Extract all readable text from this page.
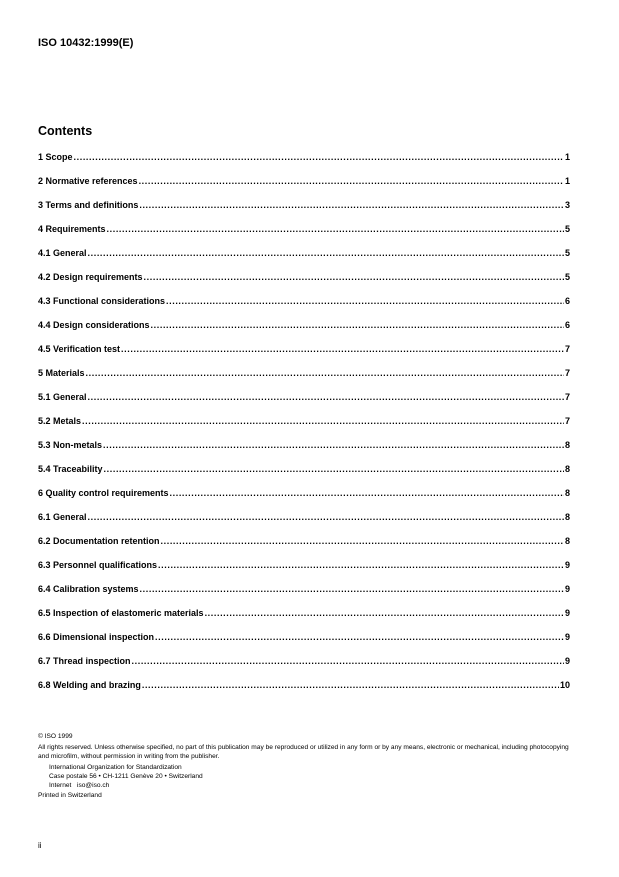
ISO 10432:1999(E)
Contents
1 Scope .....	1
2 Normative references .....	1
3 Terms and definitions .....	3
4 Requirements .....	5
4.1 General .....	5
4.2 Design requirements .....	5
4.3 Functional considerations .....	6
4.4 Design considerations .....	6
4.5 Verification test .....	7
5 Materials .....	7
5.1 General .....	7
5.2 Metals .....	7
5.3 Non-metals .....	8
5.4 Traceability .....	8
6 Quality control requirements .....	8
6.1 General .....	8
6.2 Documentation retention .....	8
6.3 Personnel qualifications .....	9
6.4 Calibration systems .....	9
6.5 Inspection of elastomeric materials .....	9
6.6 Dimensional inspection .....	9
6.7 Thread inspection .....	9
6.8 Welding and brazing .....	10

© ISO 1999

All rights reserved. Unless otherwise specified, no part of this publication may be reproduced or utilized in any form or by any means, electronic or mechanical, including photocopying and microfilm, without permission in writing from the publisher.

International Organization for Standardization

Case postale 56 • CH-1211 Genève 20 • Switzerland

Internet iso@iso.ch

Printed in Switzerland

ii
